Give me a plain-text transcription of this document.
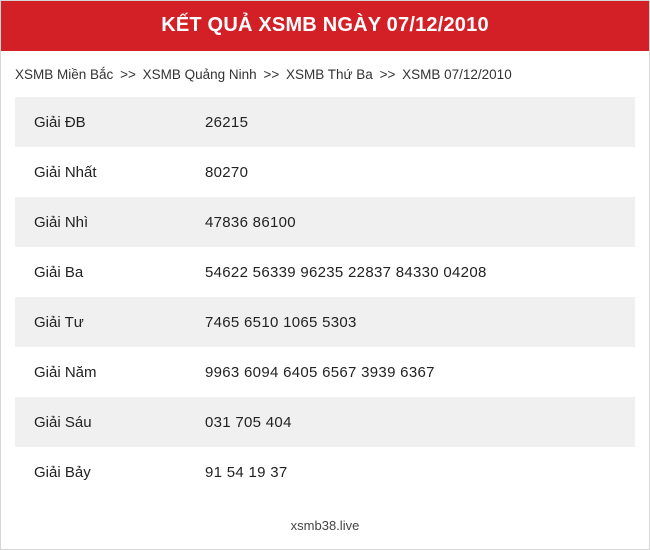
KẾT QUẢ XSMB NGÀY 07/12/2010
XSMB Miền Bắc >> XSMB Quảng Ninh >> XSMB Thứ Ba >> XSMB 07/12/2010
Giải ĐB	26215
Giải Nhất	80270
Giải Nhì	47836 86100
Giải Ba	54622 56339 96235 22837 84330 04208
Giải Tư	7465 6510 1065 5303
Giải Năm	9963 6094 6405 6567 3939 6367
Giải Sáu	031 705 404
Giải Bảy	91 54 19 37
xsmb38.live
